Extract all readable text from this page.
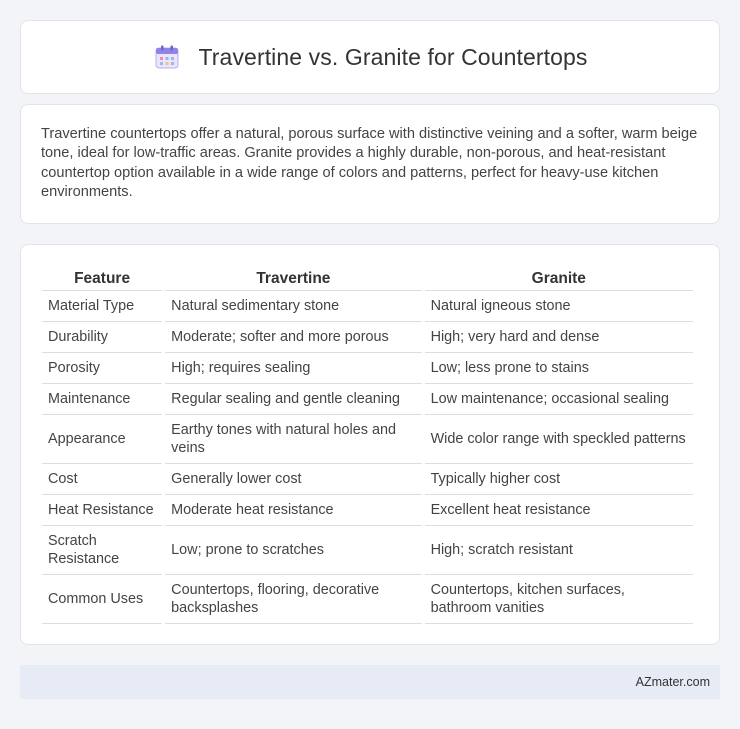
Travertine vs. Granite for Countertops

Travertine countertops offer a natural, porous surface with distinctive veining and a softer, warm beige tone, ideal for low-traffic areas. Granite provides a highly durable, non-porous, and heat-resistant countertop option available in a wide range of colors and patterns, perfect for heavy-use kitchen environments.

Feature	Travertine	Granite
Material Type	Natural sedimentary stone	Natural igneous stone
Durability	Moderate; softer and more porous	High; very hard and dense
Porosity	High; requires sealing	Low; less prone to stains
Maintenance	Regular sealing and gentle cleaning	Low maintenance; occasional sealing
Appearance	Earthy tones with natural holes and veins	Wide color range with speckled patterns
Cost	Generally lower cost	Typically higher cost
Heat Resistance	Moderate heat resistance	Excellent heat resistance
Scratch Resistance	Low; prone to scratches	High; scratch resistant
Common Uses	Countertops, flooring, decorative backsplashes	Countertops, kitchen surfaces, bathroom vanities
AZmater.com
